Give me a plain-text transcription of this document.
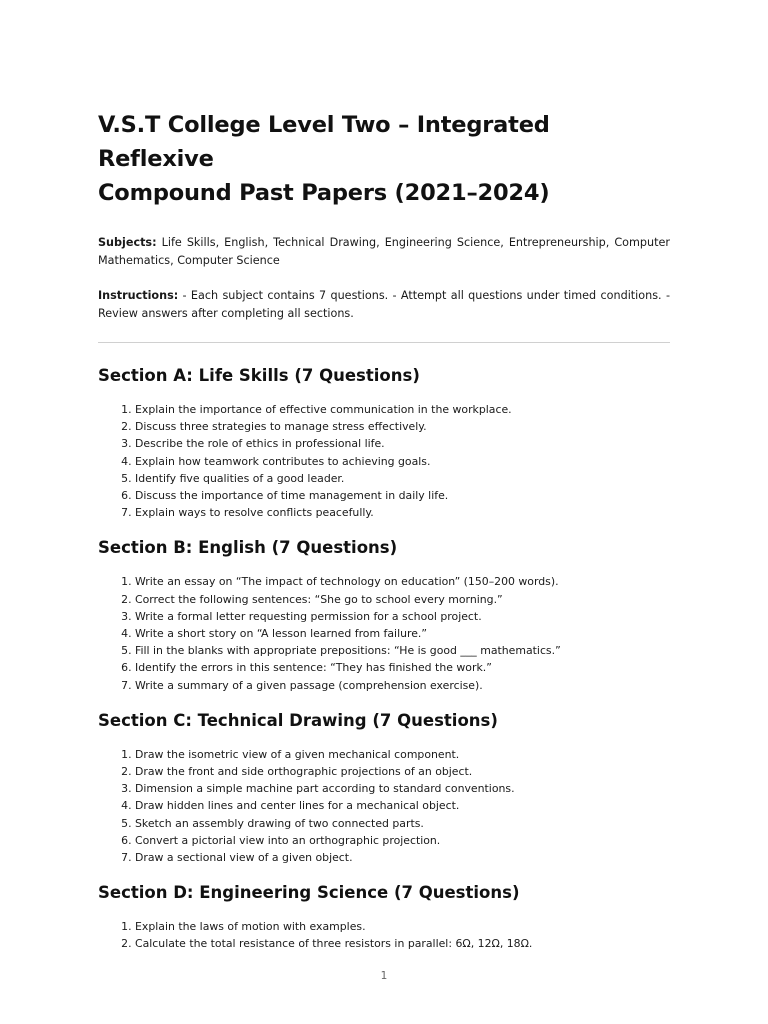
V.S.T College Level Two – Integrated Reflexive
Compound Past Papers (2021–2024)

Subjects: Life Skills, English, Technical Drawing, Engineering Science, Entrepreneurship, Computer Mathematics, Computer Science

Instructions: - Each subject contains 7 questions. - Attempt all questions under timed conditions. - Review answers after completing all sections.

Section A: Life Skills (7 Questions)
1. Explain the importance of effective communication in the workplace.
2. Discuss three strategies to manage stress effectively.
3. Describe the role of ethics in professional life.
4. Explain how teamwork contributes to achieving goals.
5. Identify five qualities of a good leader.
6. Discuss the importance of time management in daily life.
7. Explain ways to resolve conflicts peacefully.
Section B: English (7 Questions)
1. Write an essay on “The impact of technology on education” (150–200 words).
2. Correct the following sentences: “She go to school every morning.”
3. Write a formal letter requesting permission for a school project.
4. Write a short story on “A lesson learned from failure.”
5. Fill in the blanks with appropriate prepositions: “He is good ___ mathematics.”
6. Identify the errors in this sentence: “They has finished the work.”
7. Write a summary of a given passage (comprehension exercise).
Section C: Technical Drawing (7 Questions)
1. Draw the isometric view of a given mechanical component.
2. Draw the front and side orthographic projections of an object.
3. Dimension a simple machine part according to standard conventions.
4. Draw hidden lines and center lines for a mechanical object.
5. Sketch an assembly drawing of two connected parts.
6. Convert a pictorial view into an orthographic projection.
7. Draw a sectional view of a given object.
Section D: Engineering Science (7 Questions)
1. Explain the laws of motion with examples.
2. Calculate the total resistance of three resistors in parallel: 6Ω, 12Ω, 18Ω.
1
